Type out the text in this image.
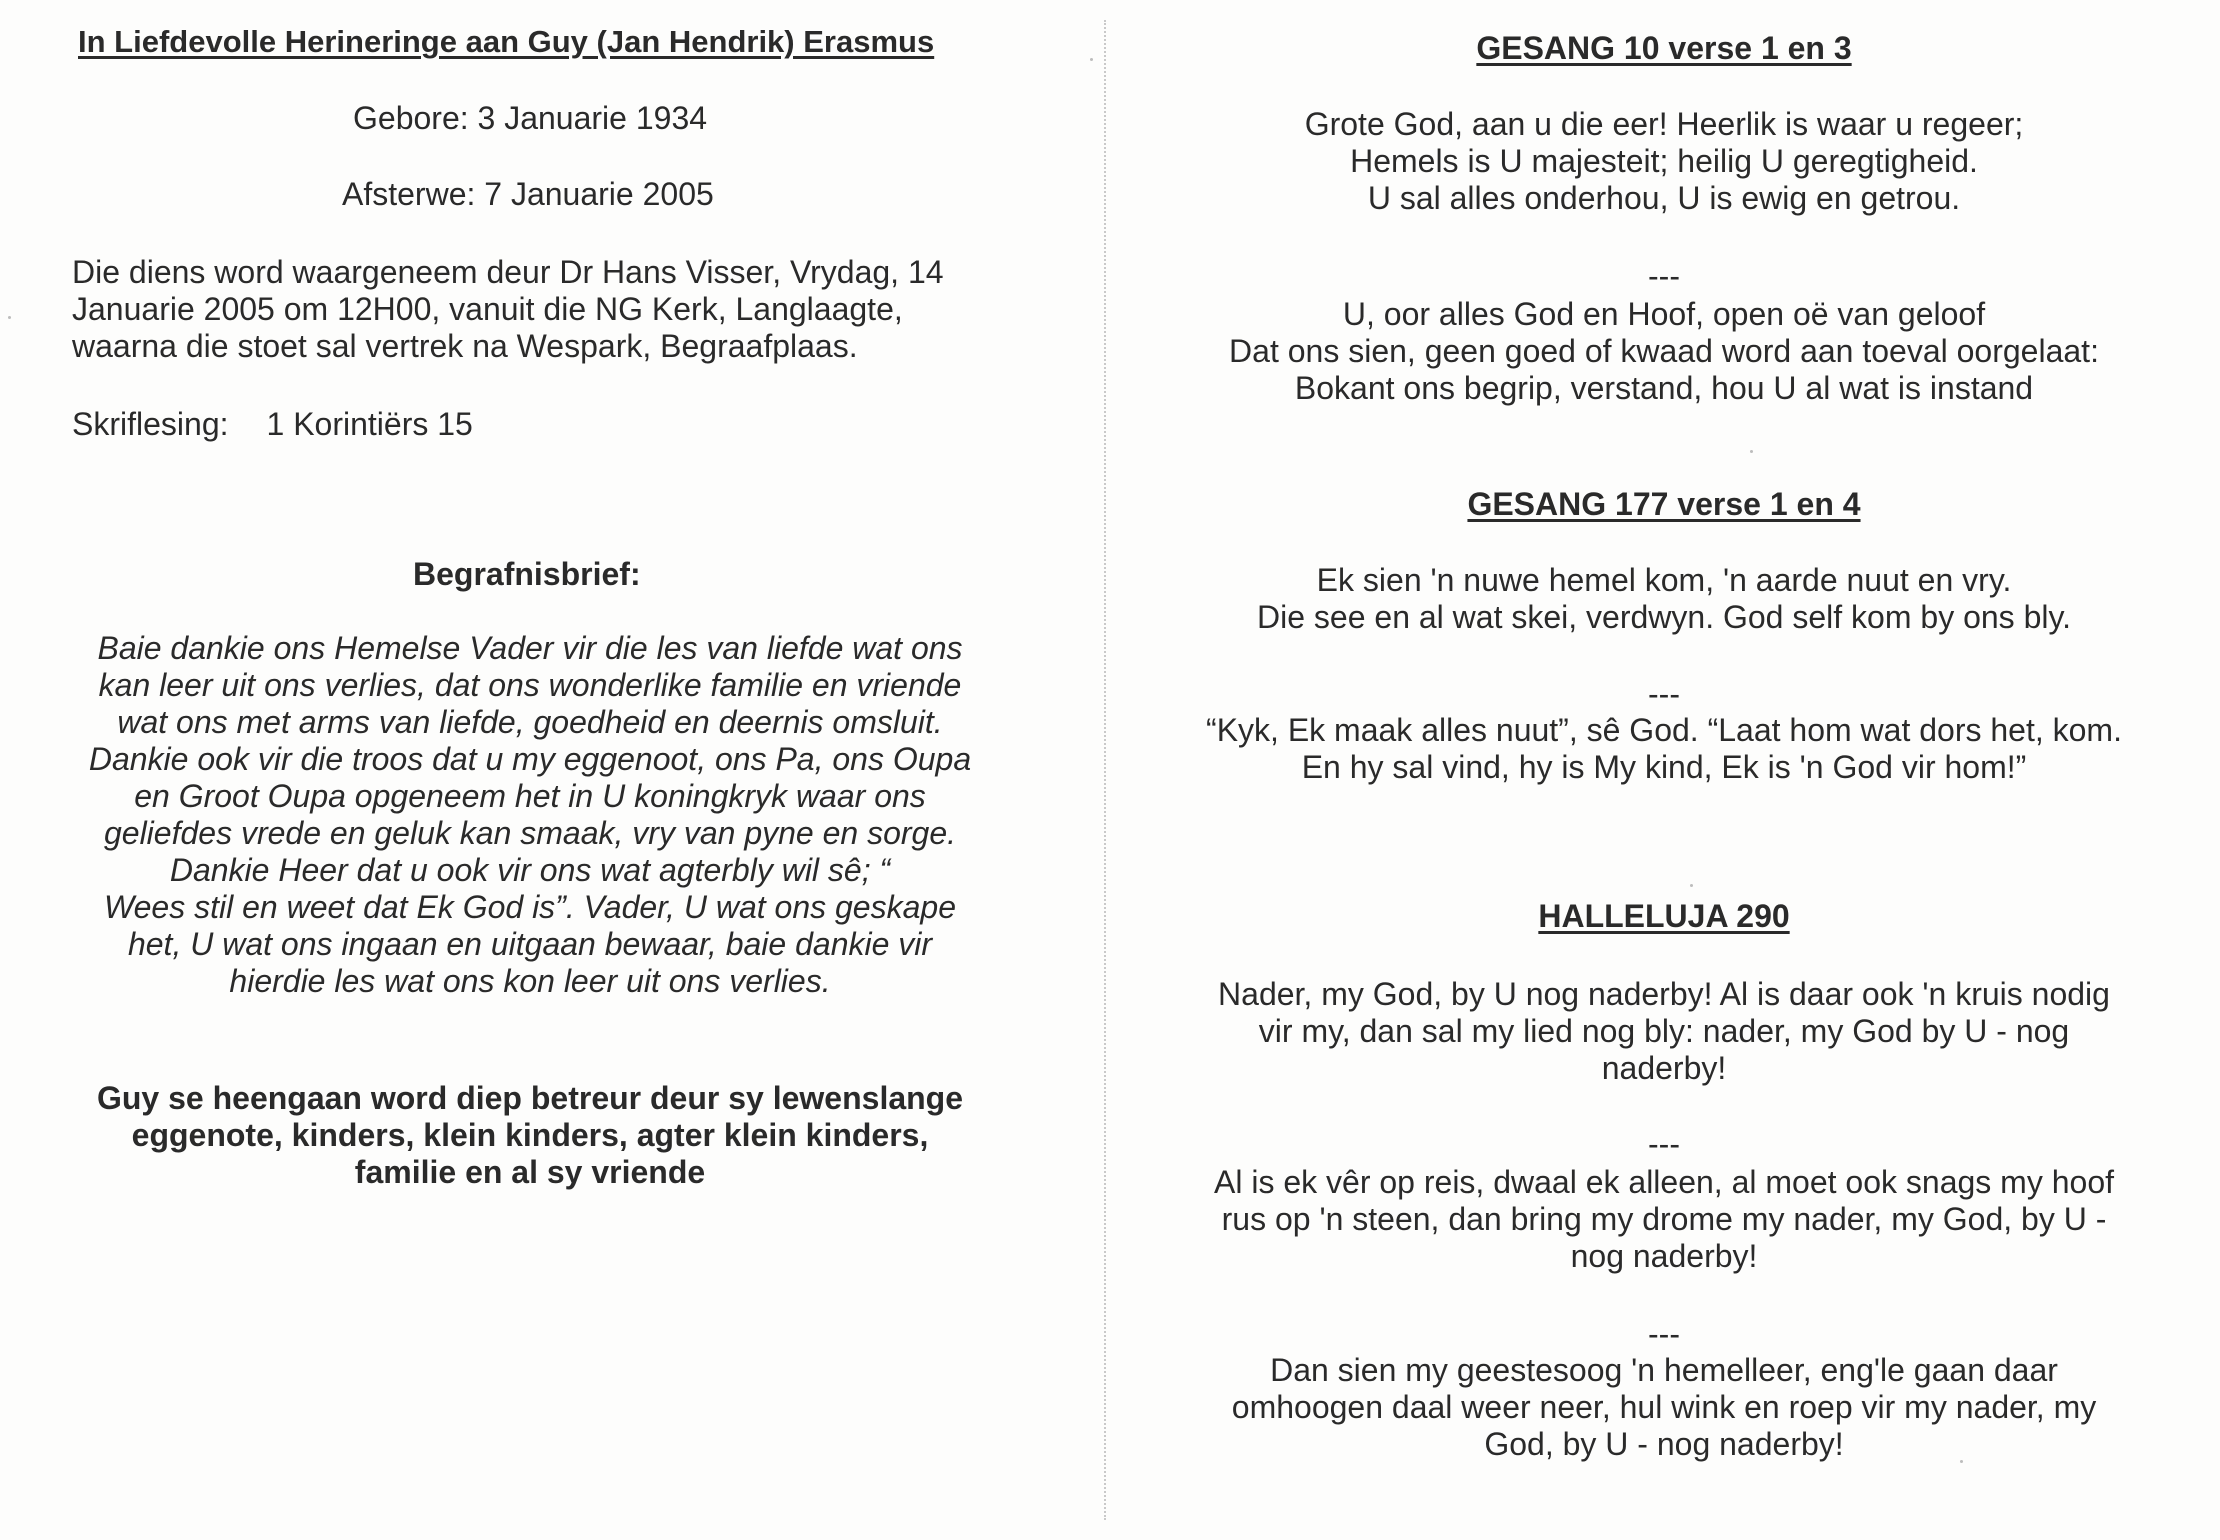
In Liefdevolle Herineringe aan Guy (Jan Hendrik) Erasmus
Gebore: 3 Januarie 1934
Afsterwe: 7 Januarie 2005
Die diens word waargeneem deur Dr Hans Visser, Vrydag, 14
Januarie 2005 om 12H00, vanuit die NG Kerk, Langlaagte,
waarna die stoet sal vertrek na Wespark, Begraafplaas.
Skriflesing: 1 Korintiërs 15
Begrafnisbrief:
Baie dankie ons Hemelse Vader vir die les van liefde wat ons
kan leer uit ons verlies, dat ons wonderlike familie en vriende
wat ons met arms van liefde, goedheid en deernis omsluit.
Dankie ook vir die troos dat u my eggenoot, ons Pa, ons Oupa
en Groot Oupa opgeneem het in U koningkryk waar ons
geliefdes vrede en geluk kan smaak, vry van pyne en sorge.
Dankie Heer dat u ook vir ons wat agterbly wil sê; “
Wees stil en weet dat Ek God is”. Vader, U wat ons geskape
het, U wat ons ingaan en uitgaan bewaar, baie dankie vir
hierdie les wat ons kon leer uit ons verlies.
Guy se heengaan word diep betreur deur sy lewenslange
eggenote, kinders, klein kinders, agter klein kinders,
familie en al sy vriende
GESANG 10 verse 1 en 3
Grote God, aan u die eer! Heerlik is waar u regeer;
Hemels is U majesteit; heilig U geregtigheid.
U sal alles onderhou, U is ewig en getrou.
---
U, oor alles God en Hoof, open oë van geloof
Dat ons sien, geen goed of kwaad word aan toeval oorgelaat:
Bokant ons begrip, verstand, hou U al wat is instand
GESANG 177 verse 1 en 4
Ek sien 'n nuwe hemel kom, 'n aarde nuut en vry.
Die see en al wat skei, verdwyn. God self kom by ons bly.
---
“Kyk, Ek maak alles nuut”, sê God. “Laat hom wat dors het, kom.
En hy sal vind, hy is My kind, Ek is 'n God vir hom!”
HALLELUJA 290
Nader, my God, by U nog naderby! Al is daar ook 'n kruis nodig
vir my, dan sal my lied nog bly: nader, my God by U - nog
naderby!
---
Al is ek vêr op reis, dwaal ek alleen, al moet ook snags my hoof
rus op 'n steen, dan bring my drome my nader, my God, by U -
nog naderby!
---
Dan sien my geestesoog 'n hemelleer, eng'le gaan daar
omhoogen daal weer neer, hul wink en roep vir my nader, my
God, by U - nog naderby!
